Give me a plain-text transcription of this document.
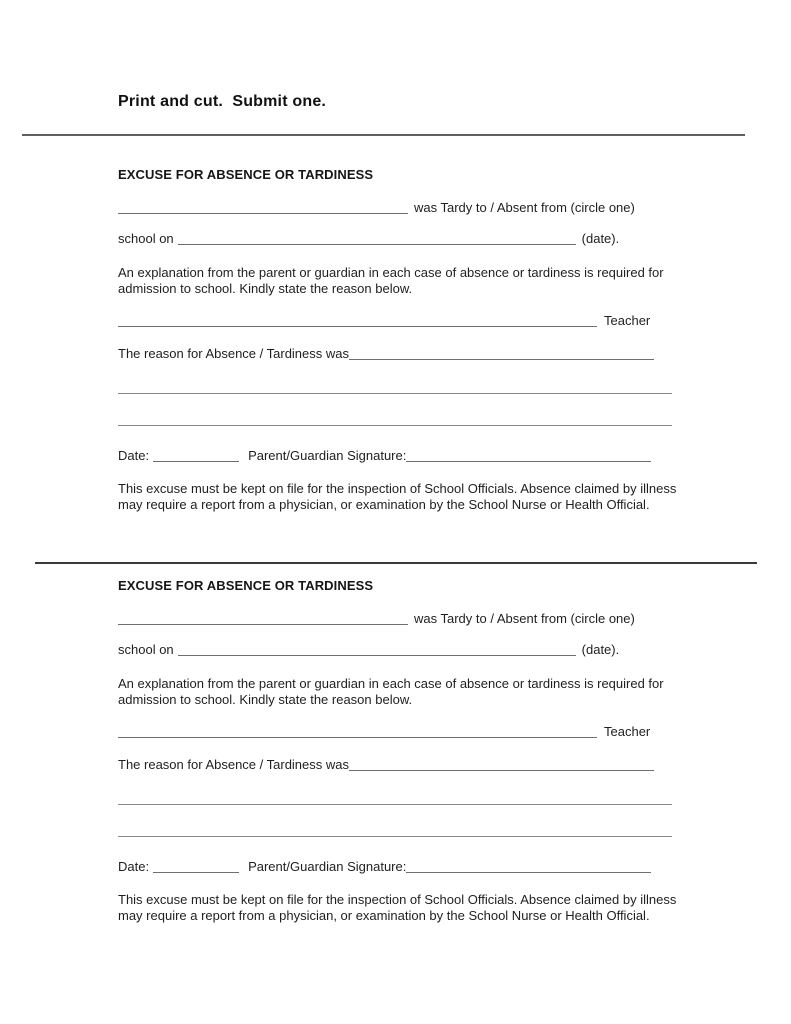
Print and cut.  Submit one.
EXCUSE FOR ABSENCE OR TARDINESS
was Tardy to / Absent from (circle one)
school on	(date).
An explanation from the parent or guardian in each case of absence or tardiness is required for
admission to school. Kindly state the reason below.
Teacher
The reason for Absence / Tardiness was
Date:	Parent/Guardian Signature:
This excuse must be kept on file for the inspection of School Officials. Absence claimed by illness
may require a report from a physician, or examination by the School Nurse or Health Official.
EXCUSE FOR ABSENCE OR TARDINESS
was Tardy to / Absent from (circle one)
school on	(date).
An explanation from the parent or guardian in each case of absence or tardiness is required for
admission to school. Kindly state the reason below.
Teacher
The reason for Absence / Tardiness was
Date:	Parent/Guardian Signature:
This excuse must be kept on file for the inspection of School Officials. Absence claimed by illness
may require a report from a physician, or examination by the School Nurse or Health Official.
